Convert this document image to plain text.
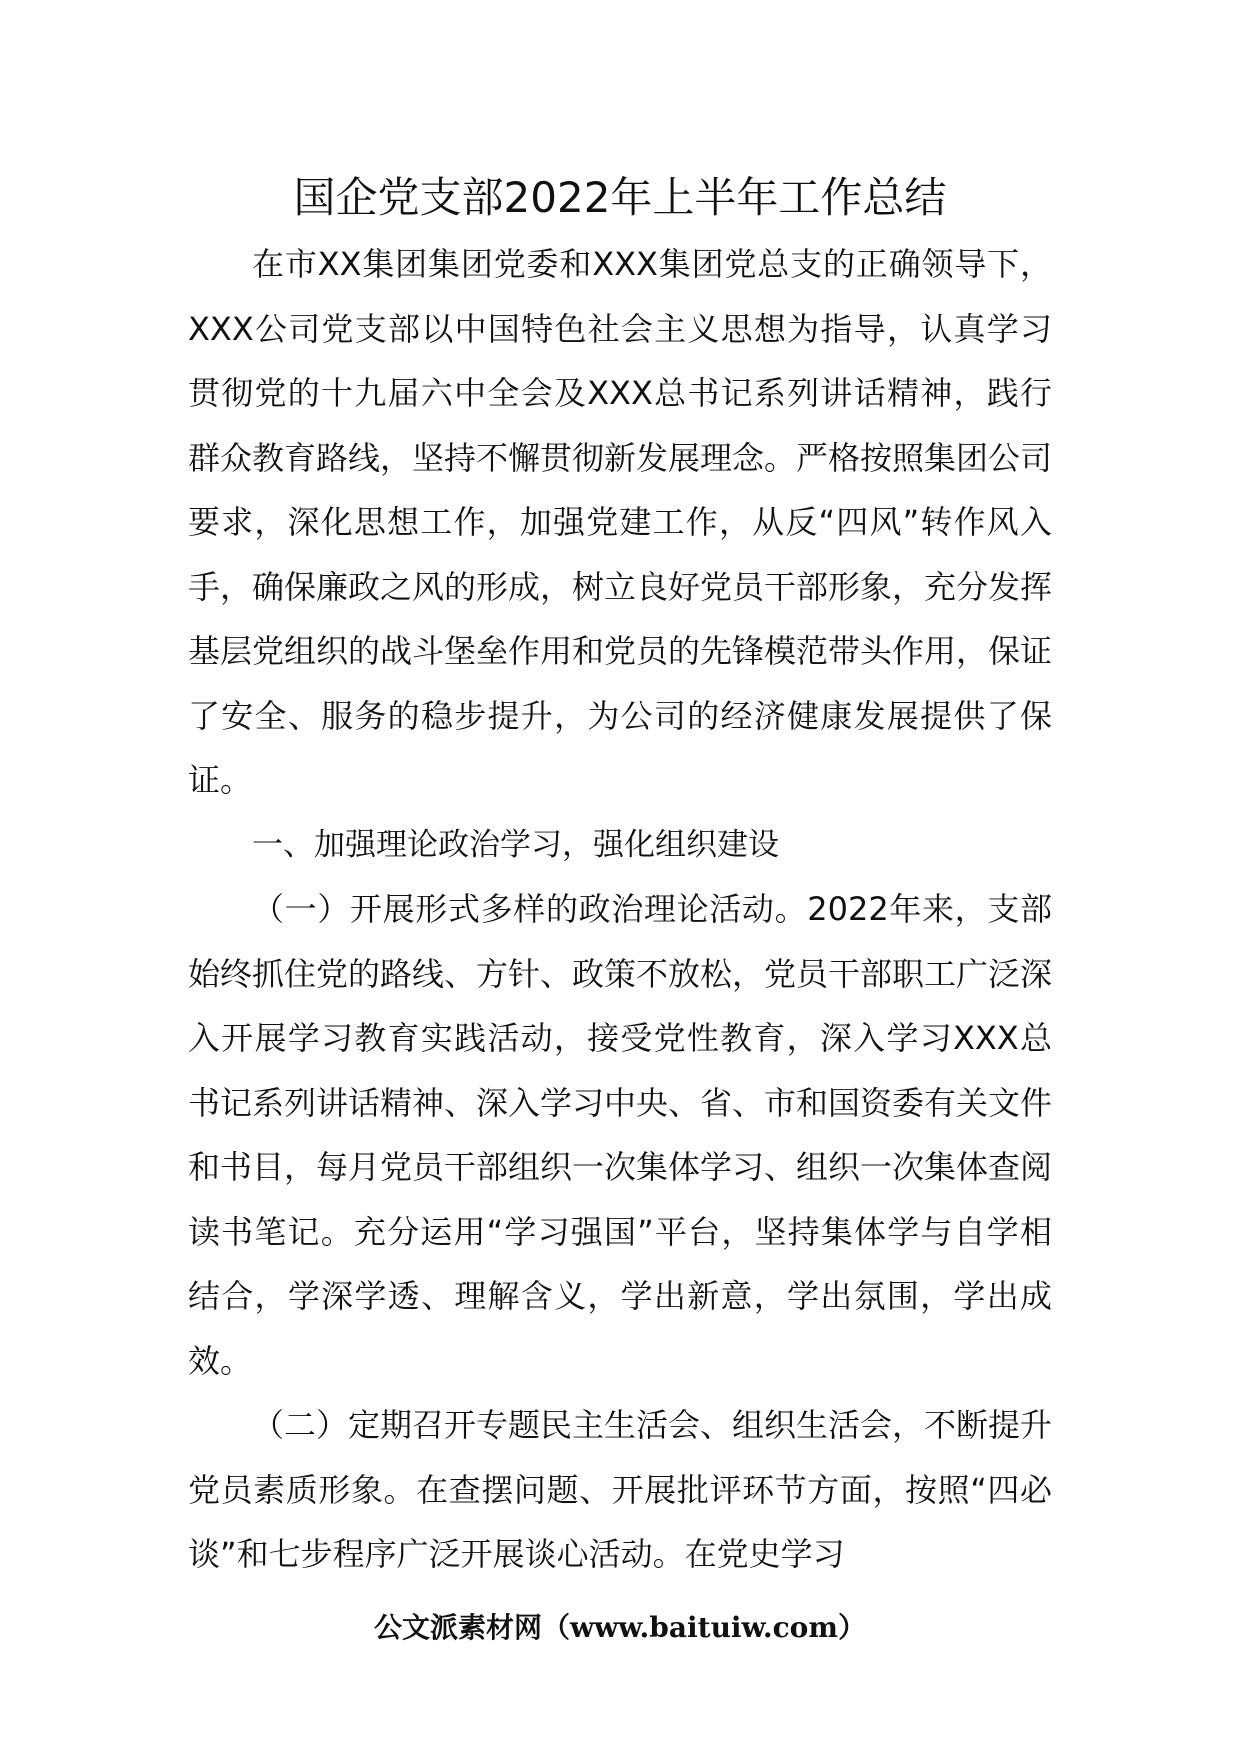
国企党支部2022年上半年工作总结

在市XX集团集团党委和XXX集团党总支的正确领导下，XXX公司党支部以中国特色社会主义思想为指导，认真学习贯彻党的十九届六中全会及XXX总书记系列讲话精神，践行群众教育路线，坚持不懈贯彻新发展理念。严格按照集团公司要求，深化思想工作，加强党建工作，从反“四风”转作风入手，确保廉政之风的形成，树立良好党员干部形象，充分发挥基层党组织的战斗堡垒作用和党员的先锋模范带头作用，保证了安全、服务的稳步提升，为公司的经济健康发展提供了保证。

一、加强理论政治学习，强化组织建设

（一）开展形式多样的政治理论活动。2022年来，支部始终抓住党的路线、方针、政策不放松，党员干部职工广泛深入开展学习教育实践活动，接受党性教育，深入学习XXX总书记系列讲话精神、深入学习中央、省、市和国资委有关文件和书目，每月党员干部组织一次集体学习、组织一次集体查阅读书笔记。充分运用“学习强国”平台，坚持集体学与自学相结合，学深学透、理解含义，学出新意，学出氛围，学出成效。

（二）定期召开专题民主生活会、组织生活会，不断提升党员素质形象。在查摆问题、开展批评环节方面，按照“四必谈”和七步程序广泛开展谈心活动。在党史学习

公文派素材网（www.baituiw.com）
